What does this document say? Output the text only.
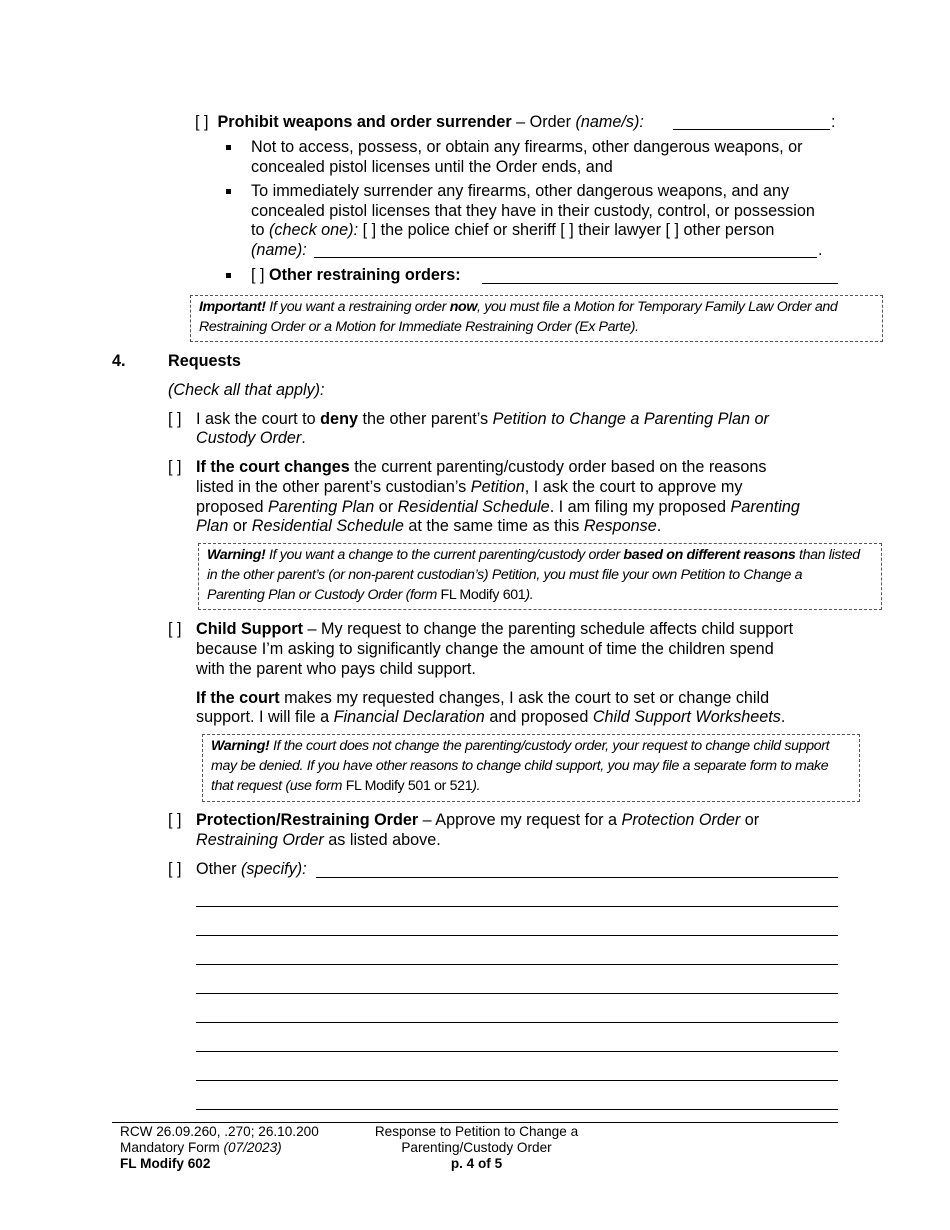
[ ] Prohibit weapons and order surrender – Order (name/s):	:
Not to access, possess, or obtain any firearms, other dangerous weapons, or
concealed pistol licenses until the Order ends, and
To immediately surrender any firearms, other dangerous weapons, and any
concealed pistol licenses that they have in their custody, control, or possession
to (check one): [ ] the police chief or sheriff [ ] their lawyer [ ] other person
(name):	.
[ ] Other restraining orders:
Important! If you want a restraining order now, you must file a Motion for Temporary Family Law Order and
Restraining Order or a Motion for Immediate Restraining Order (Ex Parte).
4.	Requests
(Check all that apply):
[ ] I ask the court to deny the other parent’s Petition to Change a Parenting Plan or
Custody Order.
[ ] If the court changes the current parenting/custody order based on the reasons
listed in the other parent’s custodian’s Petition, I ask the court to approve my
proposed Parenting Plan or Residential Schedule. I am filing my proposed Parenting
Plan or Residential Schedule at the same time as this Response.
Warning! If you want a change to the current parenting/custody order based on different reasons than listed
in the other parent’s (or non-parent custodian’s) Petition, you must file your own Petition to Change a
Parenting Plan or Custody Order (form FL Modify 601).
[ ] Child Support – My request to change the parenting schedule affects child support
because I’m asking to significantly change the amount of time the children spend
with the parent who pays child support.
If the court makes my requested changes, I ask the court to set or change child
support. I will file a Financial Declaration and proposed Child Support Worksheets.
Warning! If the court does not change the parenting/custody order, your request to change child support
may be denied. If you have other reasons to change child support, you may file a separate form to make
that request (use form FL Modify 501 or 521).
[ ] Protection/Restraining Order – Approve my request for a Protection Order or
Restraining Order as listed above.
[ ] Other (specify):
RCW 26.09.260, .270; 26.10.200
Mandatory Form (07/2023)
FL Modify 602
Response to Petition to Change a
Parenting/Custody Order
p. 4 of 5
